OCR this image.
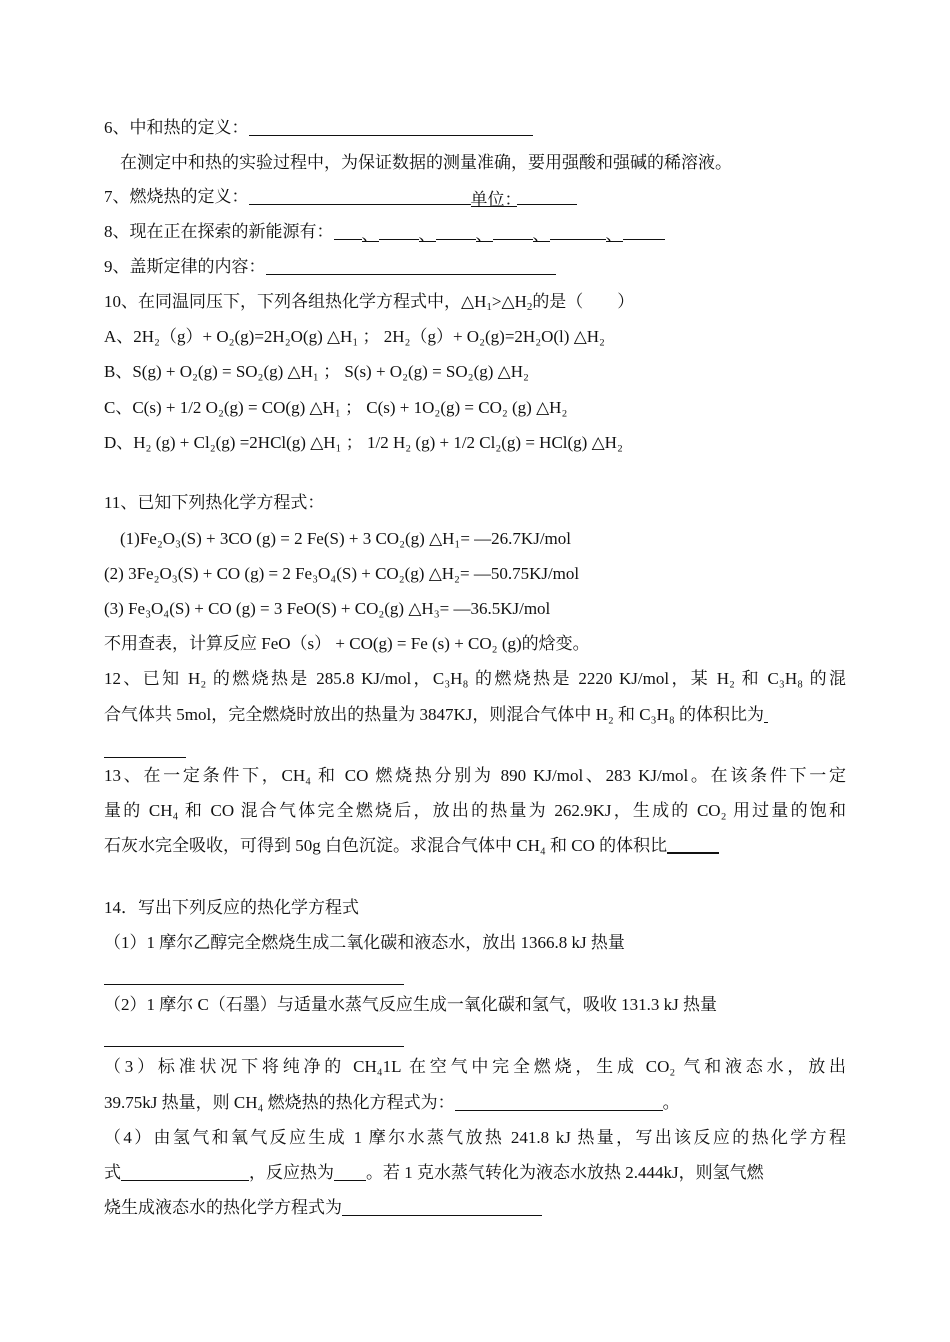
6、中和热的定义：
在测定中和热的实验过程中，为保证数据的测量准确，要用强酸和强碱的稀溶液。
7、燃烧热的定义：	单位：
8、现在正在探索的新能源有： 、 、 、 、	、
9、盖斯定律的内容：
10、在同温同压下，下列各组热化学方程式中，$\triangle H_1>\triangle H_2$的是（　　）
A、2H₂（g）+ O₂(g)=2H₂O(g) △H₁ ； 2H₂（g）+ O₂(g)=2H₂O(l) △H₂
B、S(g) + O₂(g) = SO₂(g) △H₁ ； S(s) + O₂(g) = SO₂(g) △H₂
C、C(s) + 1/2 O₂(g) = CO(g) △H₁ ； C(s) + 1O₂(g) = CO₂ (g) △H₂
D、H₂ (g) + Cl₂(g) =2HCl(g) △H₁ ； 1/2 H₂ (g) + 1/2 Cl₂(g) = HCl(g) △H₂
11、已知下列热化学方程式：
(1)Fe₂O₃(S) + 3CO (g) = 2 Fe(S) + 3 CO₂(g) △H₁= —26.7KJ/mol
(2) 3Fe₂O₃(S) + CO (g) = 2 Fe₃O₄(S) + CO₂(g) △H₂= —50.75KJ/mol
(3) Fe₃O₄(S) + CO (g) = 3 FeO(S) + CO₂(g) △H₃= —36.5KJ/mol
不用查表，计算反应 FeO（s） + CO(g) = Fe (s) + CO₂ (g)的焓变。
12、已知 H₂ 的燃烧热是 285.8 KJ/mol，C₃H₈ 的燃烧热是 2220 KJ/mol，某 H₂ 和 C₃H₈ 的混
合气体共 5mol，完全燃烧时放出的热量为 3847KJ，则混合气体中 H₂ 和 C₃H₈ 的体积比为
13、在一定条件下，CH₄ 和 CO 燃烧热分别为 890 KJ/mol、283 KJ/mol。在该条件下一定
量的 CH₄ 和 CO 混合气体完全燃烧后，放出的热量为 262.9KJ，生成的 CO₂ 用过量的饱和
石灰水完全吸收，可得到 50g 白色沉淀。求混合气体中 CH₄ 和 CO 的体积比
14．写出下列反应的热化学方程式
（1）1 摩尔乙醇完全燃烧生成二氧化碳和液态水，放出 1366.8 kJ 热量
（2）1 摩尔 C（石墨）与适量水蒸气反应生成一氧化碳和氢气，吸收 131.3 kJ 热量
（3）标准状况下将纯净的 CH₄1L 在空气中完全燃烧，生成 CO₂ 气和液态水，放出
39.75kJ 热量，则 CH₄ 燃烧热的热化方程式为：	。
（4）由氢气和氧气反应生成 1 摩尔水蒸气放热 241.8 kJ 热量，写出该反应的热化学方程
式	，反应热为 。若 1 克水蒸气转化为液态水放热 2.444kJ，则氢气燃
烧生成液态水的热化学方程式为
